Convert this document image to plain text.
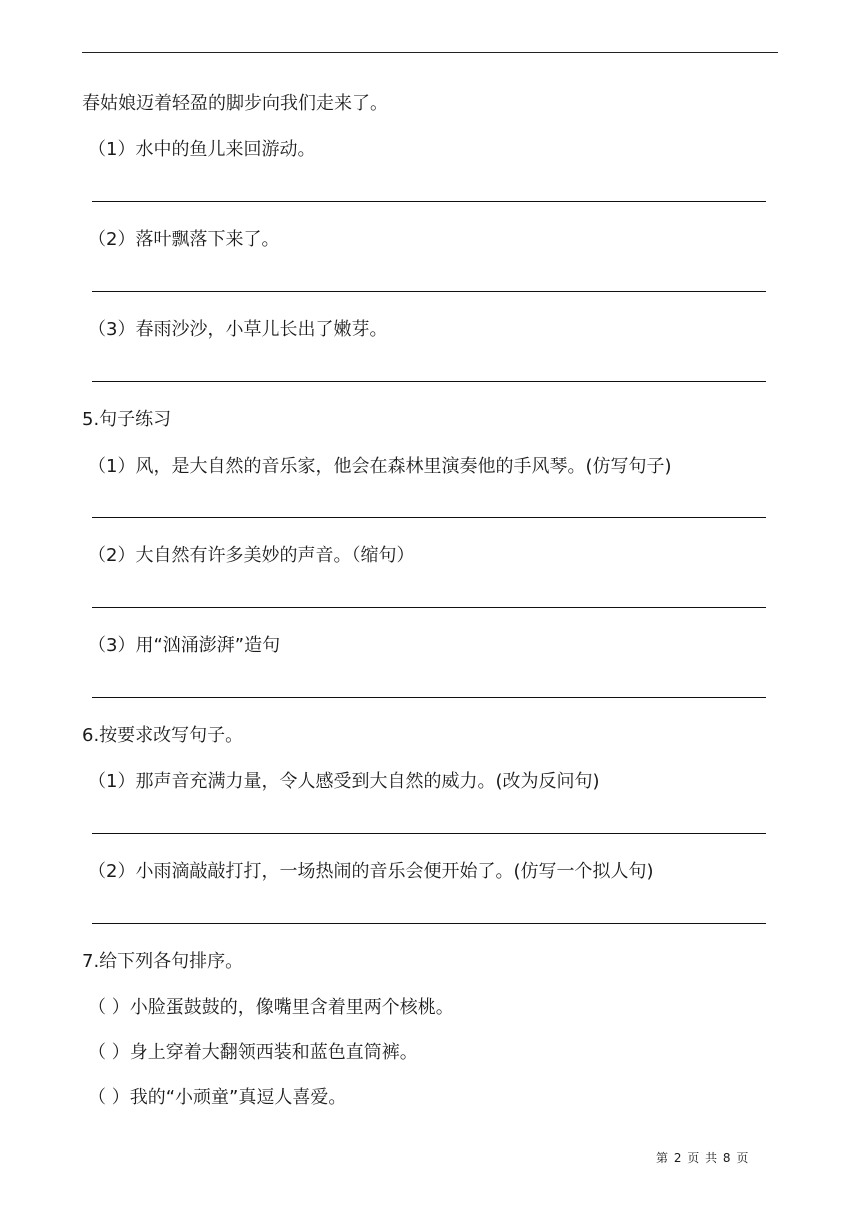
春姑娘迈着轻盈的脚步向我们走来了。
（1）水中的鱼儿来回游动。
（2）落叶飘落下来了。
（3）春雨沙沙，小草儿长出了嫩芽。
5.句子练习
（1）风，是大自然的音乐家，他会在森林里演奏他的手风琴。(仿写句子)
（2）大自然有许多美妙的声音。（缩句）
（3）用“汹涌澎湃”造句
6.按要求改写句子。
（1）那声音充满力量，令人感受到大自然的威力。(改为反问句)
（2）小雨滴敲敲打打，一场热闹的音乐会便开始了。(仿写一个拟人句)
7.给下列各句排序。
（ ）小脸蛋鼓鼓的，像嘴里含着里两个核桃。
（ ）身上穿着大翻领西装和蓝色直筒裤。
（ ）我的“小顽童”真逗人喜爱。
第 2 页 共 8 页
